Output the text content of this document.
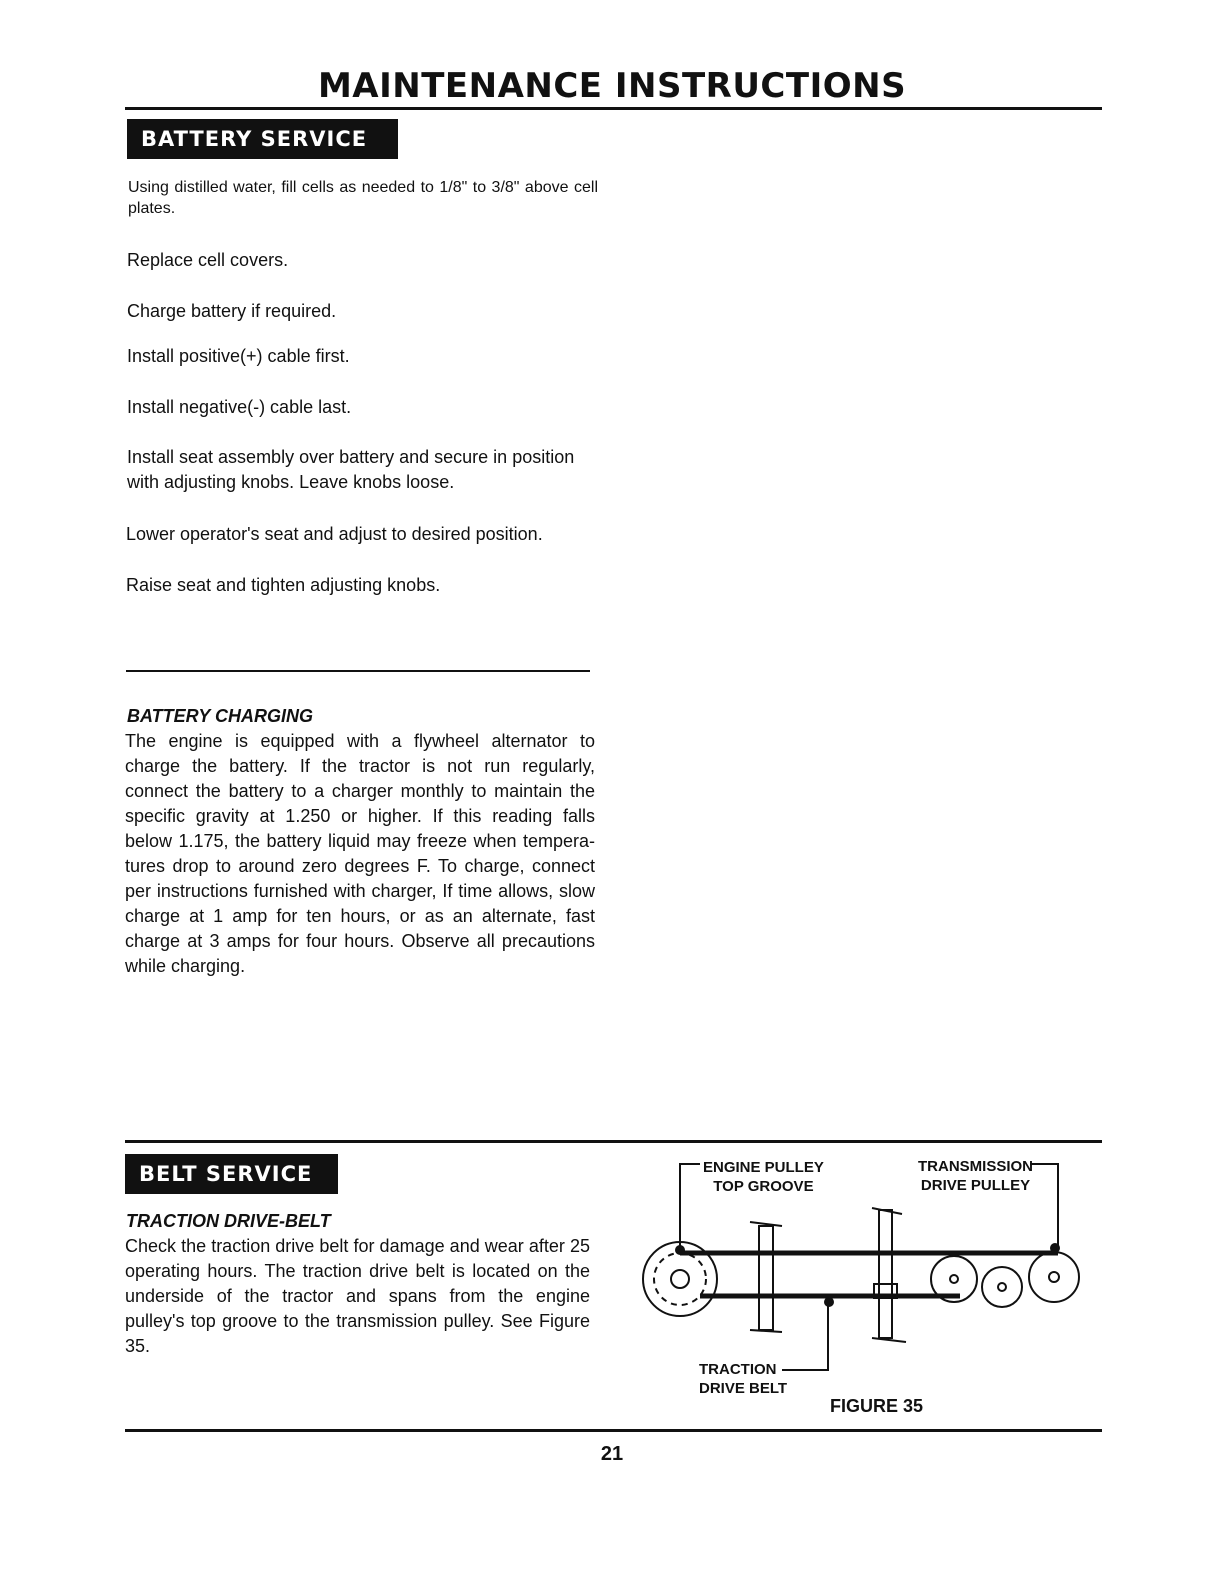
MAINTENANCE INSTRUCTIONS
BATTERY SERVICE
Using distilled water, fill cells as needed to 1/8" to 3/8" above cell plates.
Replace cell covers.
Charge battery if required.
Install positive(+) cable first.
Install negative(-) cable last.
Install seat assembly over battery and secure in position with adjusting knobs. Leave knobs loose.
Lower operator's seat and adjust to desired position.
Raise seat and tighten adjusting knobs.
BATTERY CHARGING
The engine is equipped with a flywheel alternator to charge the battery. If the tractor is not run regularly, connect the battery to a charger monthly to maintain the specific gravity at 1.250 or higher. If this reading falls below 1.175, the battery liquid may freeze when tempera-tures drop to around zero degrees F. To charge, connect per instructions furnished with charger, If time allows, slow charge at 1 amp for ten hours, or as an alternate, fast charge at 3 amps for four hours. Observe all precautions while charging.
BELT SERVICE
TRACTION DRIVE-BELT
Check the traction drive belt for damage and wear after 25 operating hours. The traction drive belt is located on the underside of the tractor and spans from the engine pulley's top groove to the transmission pulley. See Figure 35.
ENGINE PULLEY
TOP GROOVE
TRANSMISSION
DRIVE PULLEY
TRACTION
DRIVE BELT
FIGURE 35
21
